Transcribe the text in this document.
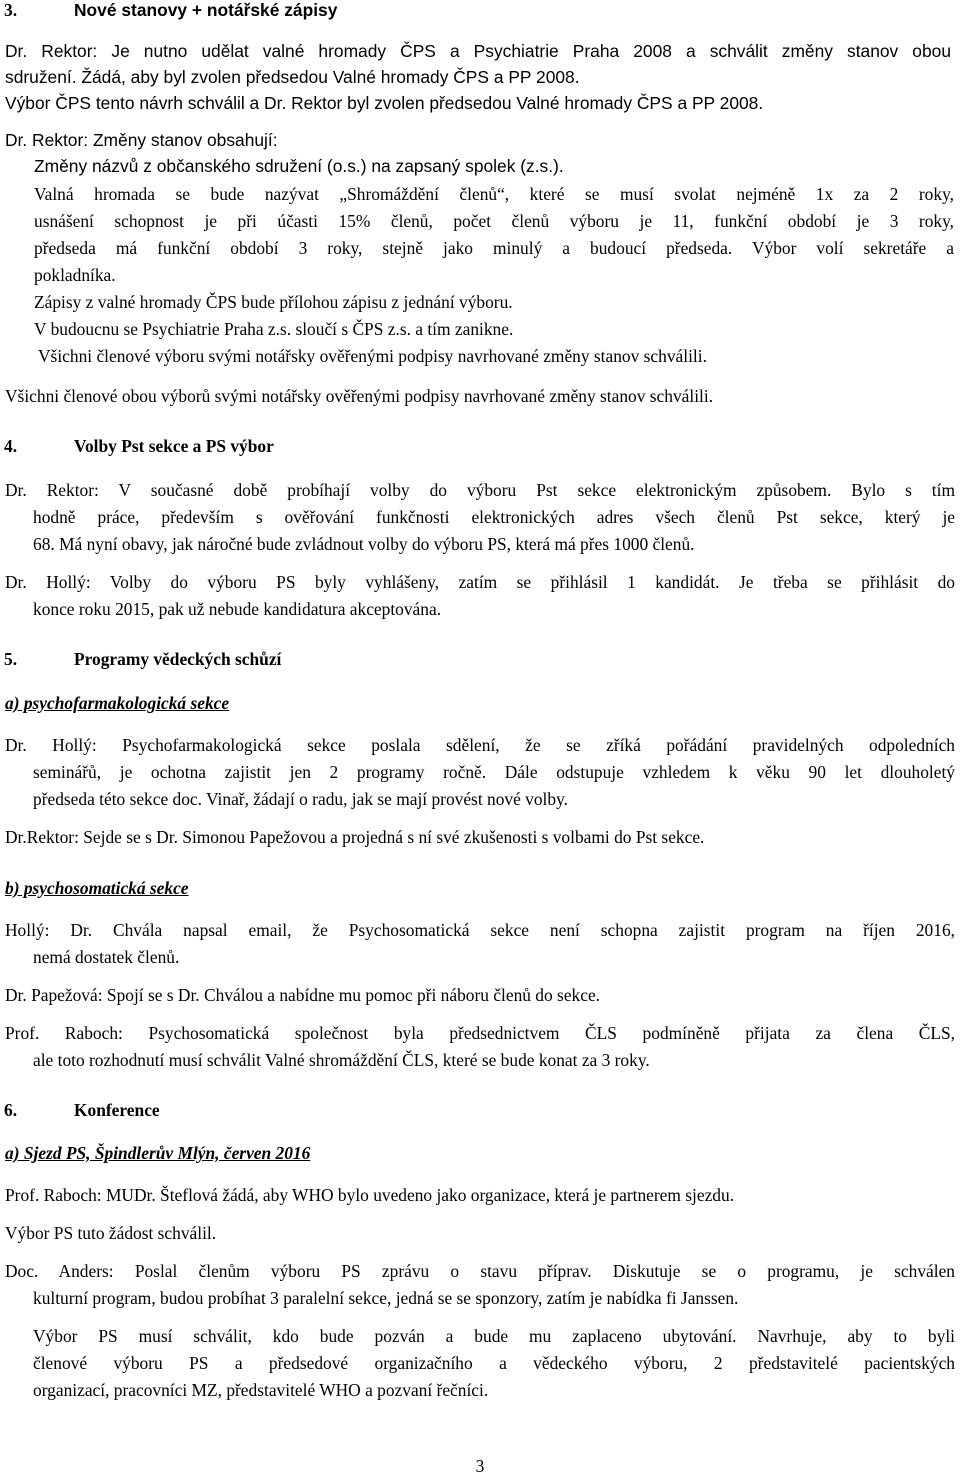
3.	Nové stanovy + notářské zápisy
Dr. Rektor: Je nutno udělat valné hromady ČPS a Psychiatrie Praha 2008 a schválit změny stanov obou
sdružení. Žádá, aby byl zvolen předsedou Valné hromady ČPS a PP 2008.
Výbor ČPS tento návrh schválil a Dr. Rektor byl zvolen předsedou Valné hromady ČPS a PP 2008.
Dr. Rektor: Změny stanov obsahují:
Změny názvů z občanského sdružení (o.s.) na zapsaný spolek (z.s.).
Valná hromada se bude nazývat „Shromáždění členů“, které se musí svolat nejméně 1x za 2 roky,
usnášení schopnost je při účasti 15% členů, počet členů výboru je 11, funkční období je 3 roky,
předseda má funkční období 3 roky, stejně jako minulý a budoucí předseda. Výbor volí sekretáře a
pokladníka.
Zápisy z valné hromady ČPS bude přílohou zápisu z jednání výboru.
V budoucnu se Psychiatrie Praha z.s. sloučí s ČPS z.s. a tím zanikne.
Všichni členové výboru svými notářsky ověřenými podpisy navrhované změny stanov schválili.
Všichni členové obou výborů svými notářsky ověřenými podpisy navrhované změny stanov schválili.
4.	Volby Pst sekce a PS výbor
Dr. Rektor: V současné době probíhají volby do výboru Pst sekce elektronickým způsobem. Bylo s tím
hodně práce, především s ověřování funkčnosti elektronických adres všech členů Pst sekce, který je
68. Má nyní obavy, jak náročné bude zvládnout volby do výboru PS, která má přes 1000 členů.
Dr. Hollý: Volby do výboru PS byly vyhlášeny, zatím se přihlásil 1 kandidát. Je třeba se přihlásit do
konce roku 2015, pak už nebude kandidatura akceptována.
5.	Programy vědeckých schůzí
a) psychofarmakologická sekce
Dr. Hollý: Psychofarmakologická sekce poslala sdělení, že se zříká pořádání pravidelných odpoledních
seminářů, je ochotna zajistit jen 2 programy ročně. Dále odstupuje vzhledem k věku 90 let dlouholetý
předseda této sekce doc. Vinař, žádají o radu, jak se mají provést nové volby.
Dr.Rektor: Sejde se s Dr. Simonou Papežovou a projedná s ní své zkušenosti s volbami do Pst sekce.
b) psychosomatická sekce
Hollý: Dr. Chvála napsal email, že Psychosomatická sekce není schopna zajistit program na říjen 2016,
nemá dostatek členů.
Dr. Papežová: Spojí se s Dr. Chválou a nabídne mu pomoc při náboru členů do sekce.
Prof. Raboch: Psychosomatická společnost byla předsednictvem ČLS podmíněně přijata za člena ČLS,
ale toto rozhodnutí musí schválit Valné shromáždění ČLS, které se bude konat za 3 roky.
6.	Konference
a) Sjezd PS, Špindlerův Mlýn, červen 2016
Prof. Raboch: MUDr. Šteflová žádá, aby WHO bylo uvedeno jako organizace, která je partnerem sjezdu.
Výbor PS tuto žádost schválil.
Doc. Anders: Poslal členům výboru PS zprávu o stavu příprav. Diskutuje se o programu, je schválen
kulturní program, budou probíhat 3 paralelní sekce, jedná se se sponzory, zatím je nabídka fi Janssen.
Výbor PS musí schválit, kdo bude pozván a bude mu zaplaceno ubytování. Navrhuje, aby to byli
členové výboru PS a předsedové organizačního a vědeckého výboru, 2 představitelé pacientských
organizací, pracovníci MZ, představitelé WHO a pozvaní řečníci.
3
